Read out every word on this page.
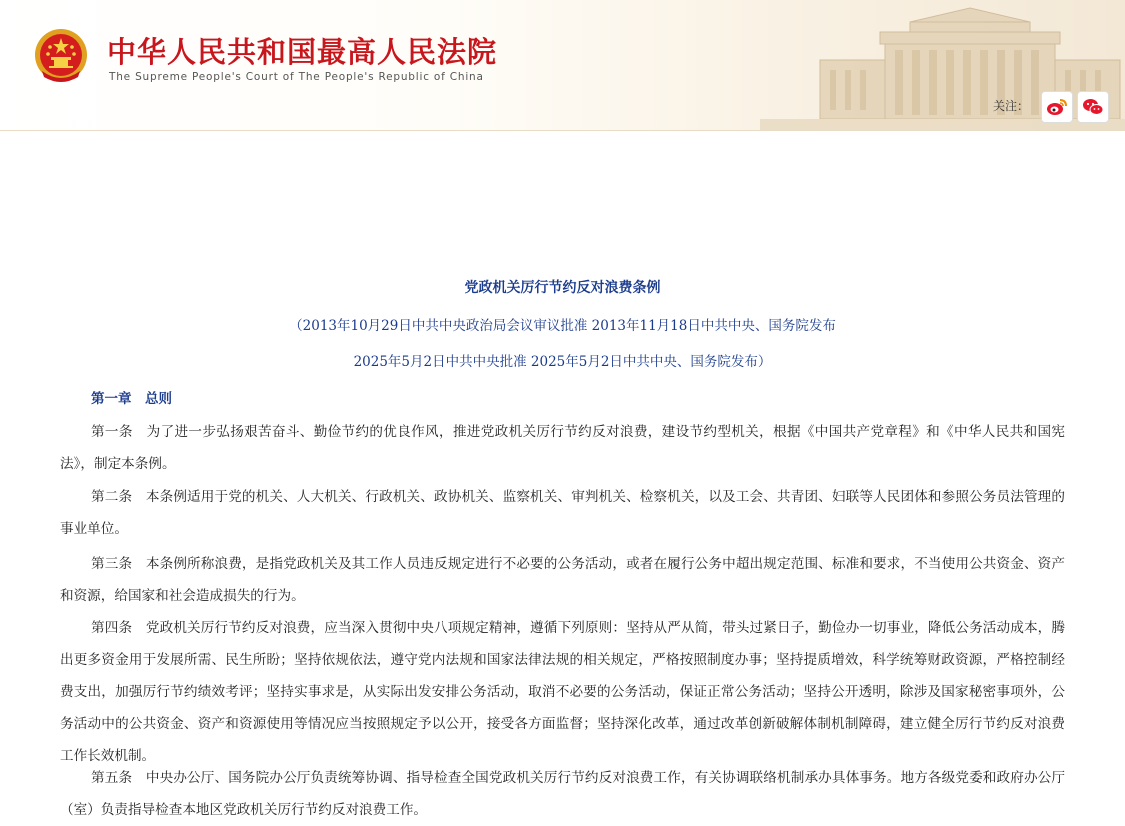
中华人民共和国最高人民法院
The Supreme People's Court of The People's Republic of China
关注：
党政机关厉行节约反对浪费条例
（2013年10月29日中共中央政治局会议审议批准 2013年11月18日中共中央、国务院发布
2025年5月2日中共中央批准 2025年5月2日中共中央、国务院发布）
第一章　总则

第一条　为了进一步弘扬艰苦奋斗、勤俭节约的优良作风，推进党政机关厉行节约反对浪费，建设节约型机关，根据《中国共产党章程》和《中华人民共和国宪法》，制定本条例。

第二条　本条例适用于党的机关、人大机关、行政机关、政协机关、监察机关、审判机关、检察机关，以及工会、共青团、妇联等人民团体和参照公务员法管理的事业单位。

第三条　本条例所称浪费，是指党政机关及其工作人员违反规定进行不必要的公务活动，或者在履行公务中超出规定范围、标准和要求，不当使用公共资金、资产和资源，给国家和社会造成损失的行为。

第四条　党政机关厉行节约反对浪费，应当深入贯彻中央八项规定精神，遵循下列原则：坚持从严从简，带头过紧日子，勤俭办一切事业，降低公务活动成本，腾出更多资金用于发展所需、民生所盼；坚持依规依法，遵守党内法规和国家法律法规的相关规定，严格按照制度办事；坚持提质增效，科学统筹财政资源，严格控制经费支出，加强厉行节约绩效考评；坚持实事求是，从实际出发安排公务活动，取消不必要的公务活动，保证正常公务活动；坚持公开透明，除涉及国家秘密事项外，公务活动中的公共资金、资产和资源使用等情况应当按照规定予以公开，接受各方面监督；坚持深化改革，通过改革创新破解体制机制障碍，建立健全厉行节约反对浪费工作长效机制。

第五条　中央办公厅、国务院办公厅负责统筹协调、指导检查全国党政机关厉行节约反对浪费工作，有关协调联络机制承办具体事务。地方各级党委和政府办公厅（室）负责指导检查本地区党政机关厉行节约反对浪费工作。
